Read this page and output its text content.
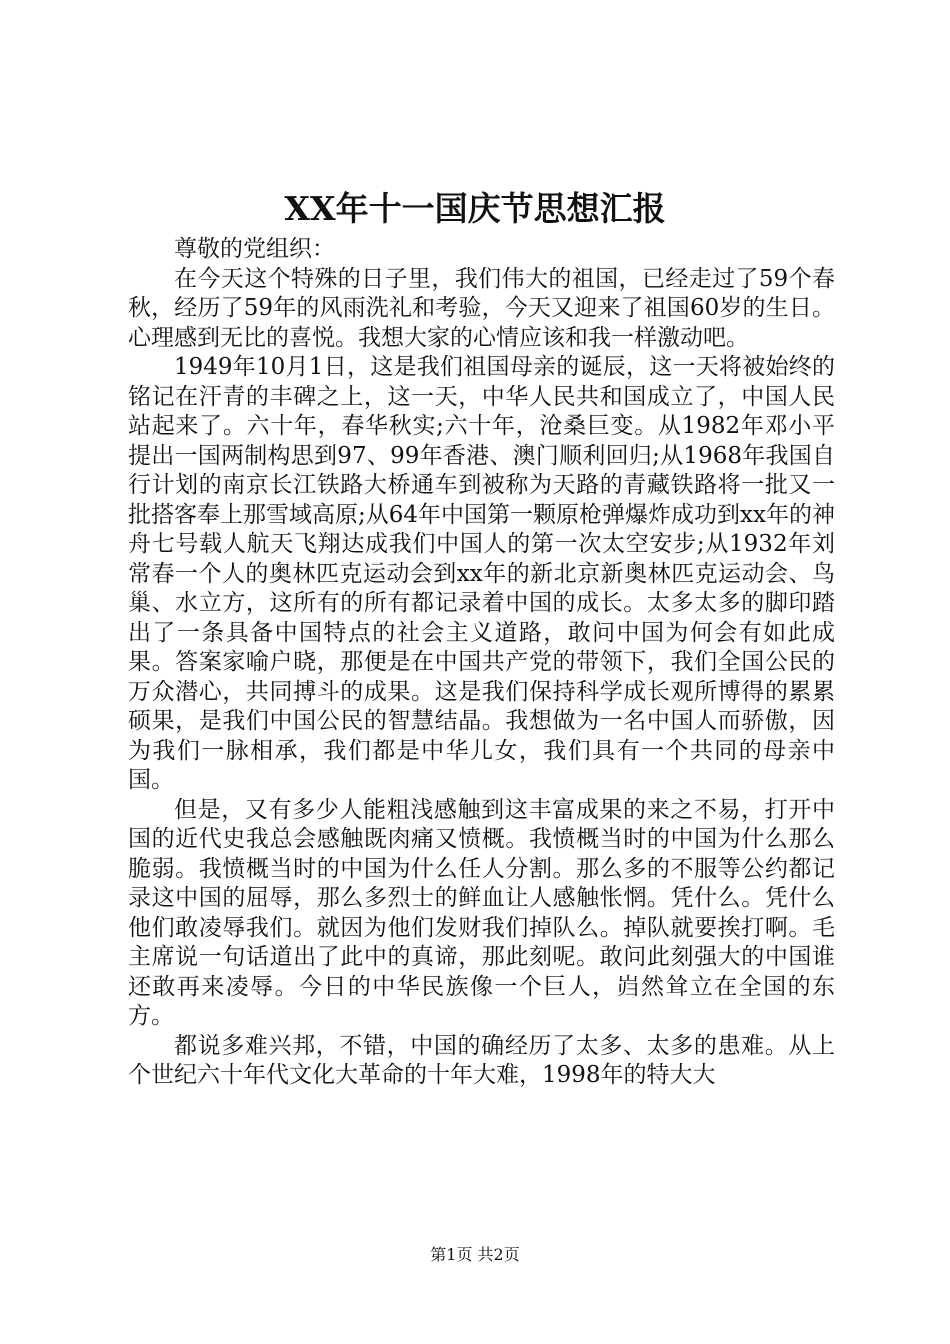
XX年十一国庆节思想汇报

尊敬的党组织：

在今天这个特殊的日子里，我们伟大的祖国，已经走过了59个春秋，经历了59年的风雨洗礼和考验，今天又迎来了祖国60岁的生日。心理感到无比的喜悦。我想大家的心情应该和我一样激动吧。

1949年10月1日，这是我们祖国母亲的诞辰，这一天将被始终的铭记在汗青的丰碑之上，这一天，中华人民共和国成立了，中国人民站起来了。六十年，春华秋实;六十年，沧桑巨变。从1982年邓小平提出一国两制构思到97、99年香港、澳门顺利回归;从1968年我国自行计划的南京长江铁路大桥通车到被称为天路的青藏铁路将一批又一批搭客奉上那雪域高原;从64年中国第一颗原枪弹爆炸成功到xx年的神舟七号载人航天飞翔达成我们中国人的第一次太空安步;从1932年刘常春一个人的奥林匹克运动会到xx年的新北京新奥林匹克运动会、鸟巢、水立方，这所有的所有都记录着中国的成长。太多太多的脚印踏出了一条具备中国特点的社会主义道路，敢问中国为何会有如此成果。答案家喻户晓，那便是在中国共产党的带领下，我们全国公民的万众潜心，共同搏斗的成果。这是我们保持科学成长观所博得的累累硕果，是我们中国公民的智慧结晶。我想做为一名中国人而骄傲，因为我们一脉相承，我们都是中华儿女，我们具有一个共同的母亲中国。

但是，又有多少人能粗浅感触到这丰富成果的来之不易，打开中国的近代史我总会感触既肉痛又愤概。我愤概当时的中国为什么那么脆弱。我愤概当时的中国为什么任人分割。那么多的不服等公约都记录这中国的屈辱，那么多烈士的鲜血让人感触怅惘。凭什么。凭什么他们敢凌辱我们。就因为他们发财我们掉队么。掉队就要挨打啊。毛主席说一句话道出了此中的真谛，那此刻呢。敢问此刻强大的中国谁还敢再来凌辱。今日的中华民族像一个巨人，岿然耸立在全国的东方。

都说多难兴邦，不错，中国的确经历了太多、太多的患难。从上个世纪六十年代文化大革命的十年大难，1998年的特大大

第1页 共2页
